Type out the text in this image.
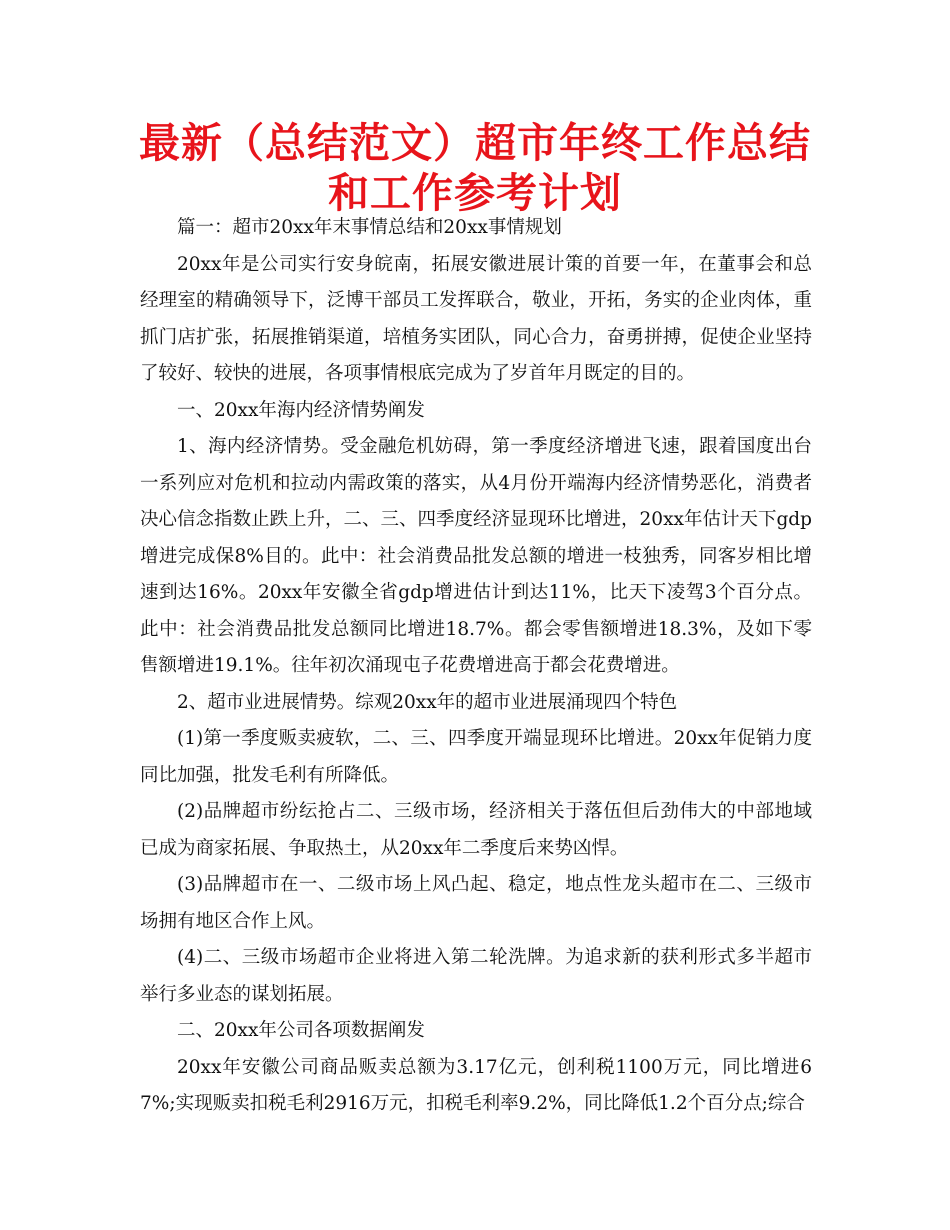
最新（总结范文）超市年终工作总结和工作参考计划

篇一：超市20xx年末事情总结和20xx事情规划

20xx年是公司实行安身皖南，拓展安徽进展计策的首要一年，在董事会和总经理室的精确领导下，泛博干部员工发挥联合，敬业，开拓，务实的企业肉体，重抓门店扩张，拓展推销渠道，培植务实团队，同心合力，奋勇拼搏，促使企业坚持了较好、较快的进展，各项事情根底完成为了岁首年月既定的目的。

一、20xx年海内经济情势阐发

1、海内经济情势。受金融危机妨碍，第一季度经济增进飞速，跟着国度出台一系列应对危机和拉动内需政策的落实，从4月份开端海内经济情势恶化，消费者决心信念指数止跌上升，二、三、四季度经济显现环比增进，20xx年估计天下gdp增进完成保8%目的。此中：社会消费品批发总额的增进一枝独秀，同客岁相比增速到达16%。20xx年安徽全省gdp增进估计到达11%，比天下凌驾3个百分点。此中：社会消费品批发总额同比增进18.7%。都会零售额增进18.3%，及如下零售额增进19.1%。往年初次涌现屯子花费增进高于都会花费增进。

2、超市业进展情势。综观20xx年的超市业进展涌现四个特色

(1)第一季度贩卖疲软，二、三、四季度开端显现环比增进。20xx年促销力度同比加强，批发毛利有所降低。

(2)品牌超市纷纭抢占二、三级市场，经济相关于落伍但后劲伟大的中部地域已成为商家拓展、争取热土，从20xx年二季度后来势凶悍。

(3)品牌超市在一、二级市场上风凸起、稳定，地点性龙头超市在二、三级市场拥有地区合作上风。

(4)二、三级市场超市企业将进入第二轮洗牌。为追求新的获利形式多半超市举行多业态的谋划拓展。

二、20xx年公司各项数据阐发

20xx年安徽公司商品贩卖总额为3.17亿元，创利税1100万元，同比增进67%;实现贩卖扣税毛利2916万元，扣税毛利率9.2%，同比降低1.2个百分点;综合
